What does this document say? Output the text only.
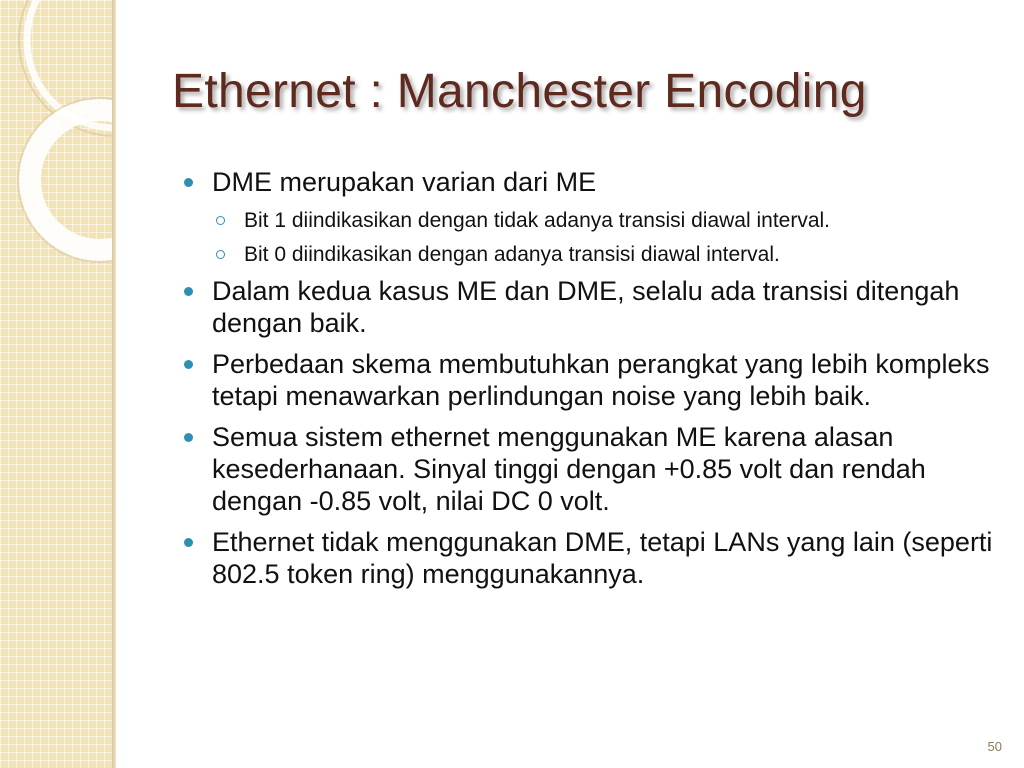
Ethernet : Manchester Encoding
DME merupakan varian dari ME
Bit 1 diindikasikan dengan tidak adanya transisi diawal interval.
Bit 0 diindikasikan dengan adanya transisi diawal interval.
Dalam kedua kasus ME dan DME, selalu ada transisi ditengah dengan baik.
Perbedaan skema membutuhkan perangkat yang lebih kompleks tetapi menawarkan perlindungan noise yang lebih baik.
Semua sistem ethernet menggunakan ME karena alasan kesederhanaan. Sinyal tinggi dengan +0.85 volt dan rendah dengan -0.85 volt, nilai DC 0 volt.
Ethernet tidak menggunakan DME, tetapi LANs yang lain (seperti 802.5 token ring) menggunakannya.
50
